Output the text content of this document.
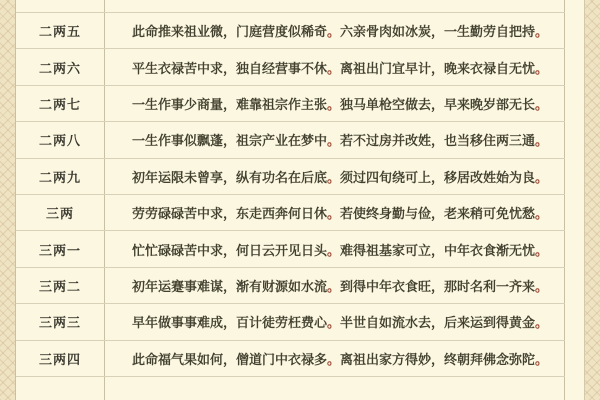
二两五	此命推来祖业微，门庭营度似稀奇 。 六亲骨肉如冰炭，一生勤劳自把持 。
二两六	平生衣禄苦中求，独自经营事不休 。 离祖出门宜早计，晚来衣禄自无忧 。
二两七	一生作事少商量，难靠祖宗作主张 。 独马单枪空做去，早来晚岁部无长 。
二两八	一生作事似飘蓬，祖宗产业在梦中 。 若不过房并改姓，也当移住两三通 。
二两九	初年运限未曾享，纵有功名在后底 。 须过四旬绕可上，移居改姓始为良 。
三两	劳劳碌碌苦中求，东走西奔何日休 。 若使终身勤与俭，老来稍可免忧愁 。
三两一	忙忙碌碌苦中求，何日云开见日头 。 难得祖基家可立，中年衣食渐无忧 。
三两二	初年运蹇事难谋，渐有财源如水流 。 到得中年衣食旺，那时名利一齐来 。
三两三	早年做事事难成，百计徒劳枉费心 。 半世自如流水去，后来运到得黄金 。
三两四	此命福气果如何，僧道门中衣禄多 。 离祖出家方得妙，终朝拜佛念弥陀 。
